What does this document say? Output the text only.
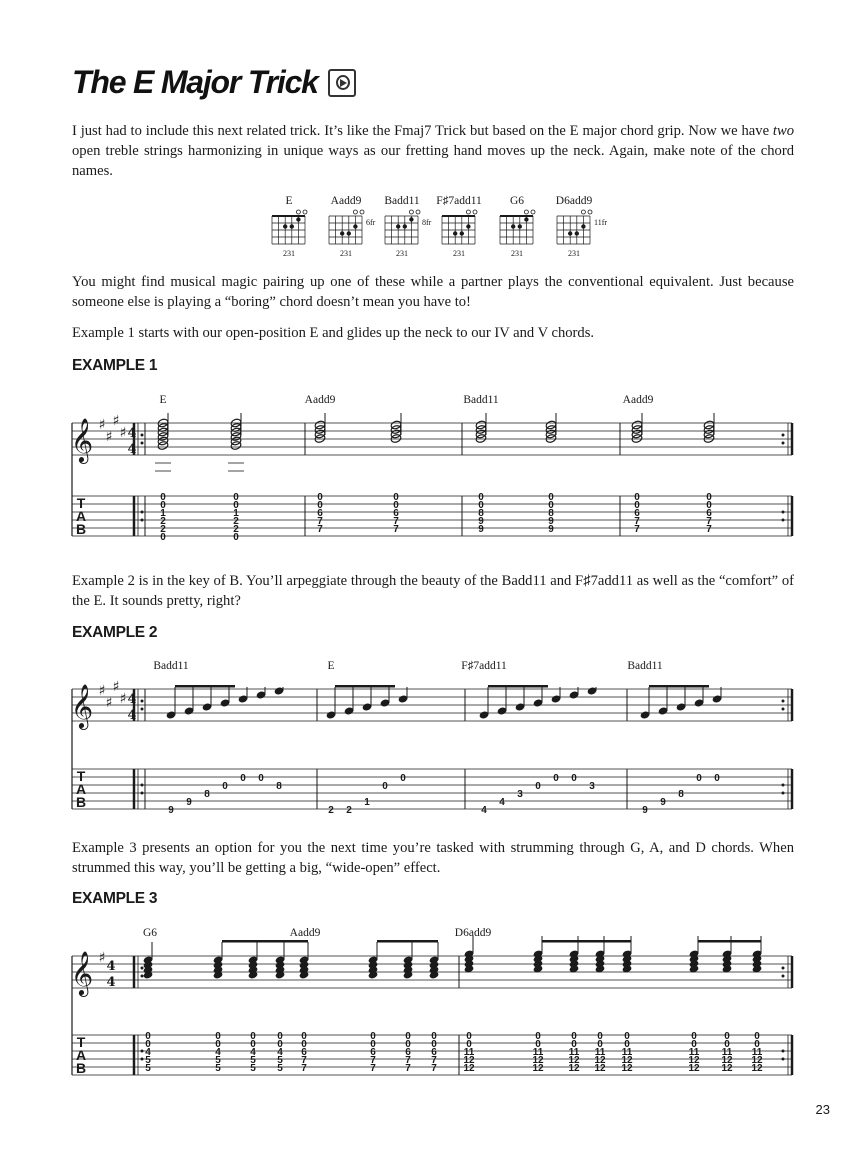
The E Major Trick

I just had to include this next related trick. It’s like the Fmaj7 Trick but based on the E major chord grip. Now we have two open treble strings harmonizing in unique ways as our fretting hand moves up the neck. Again, make note of the chord names.

You might find musical magic pairing up one of these while a partner plays the conventional equivalent. Just because someone else is playing a “boring” chord doesn’t mean you have to!

Example 1 starts with our open-position E and glides up the neck to our IV and V chords.

Example 2 is in the key of B. You’ll arpeggiate through the beauty of the Badd11 and F♯7add11 as well as the “comfort” of the E. It sounds pretty, right?

Example 3 presents an option for you the next time you’re tasked with strumming through G, A, and D chords. When strummed this way, you’ll be getting a big, “wide-open” effect.

EXAMPLE 1
EXAMPLE 2
EXAMPLE 3
23
E
231
Aadd9
231
6fr
Badd11
231
8fr
F♯7add11
231
G6
231
D6add9
231
11fr
𝄞 ♯
♯
♯
♯ 4
4
T
A
B
E	Aadd9	Badd11	Aadd9
𝄞 ♯
♯
♯
♯ 4
4
T
A
B
Badd11	E	F♯7add11	Badd11
𝄞 ♯
4
4
T
A
B
G6	Aadd9	D6add9
0
0
1
2
2
0
0
0
1
2
2
0
0
0
6
7
7
0
0
6
7
7
0
0
8
9
9
0
0
8
9
9
0
0
6
7
7
0
0
6
7
7
9
9
8
0
0 0
8
2 2
1
0
0
4
4
3
0
0 0
3
9
9
8
0 0
0
0
4
5
5
0
0
4
5
5
0
0
4
5
5
0
0
4
5
5
0
0
6
7
7
0
0
6
7
7
0
0
6
7
7
0
0
6
7
7
0
0
11
12
12
0
0
11
12
12
0
0
11
12
12
0
0
11
12
12
0
0
11
12
12
0
0
11
12
12
0
0
11
12
12
0
0
11
12
12
